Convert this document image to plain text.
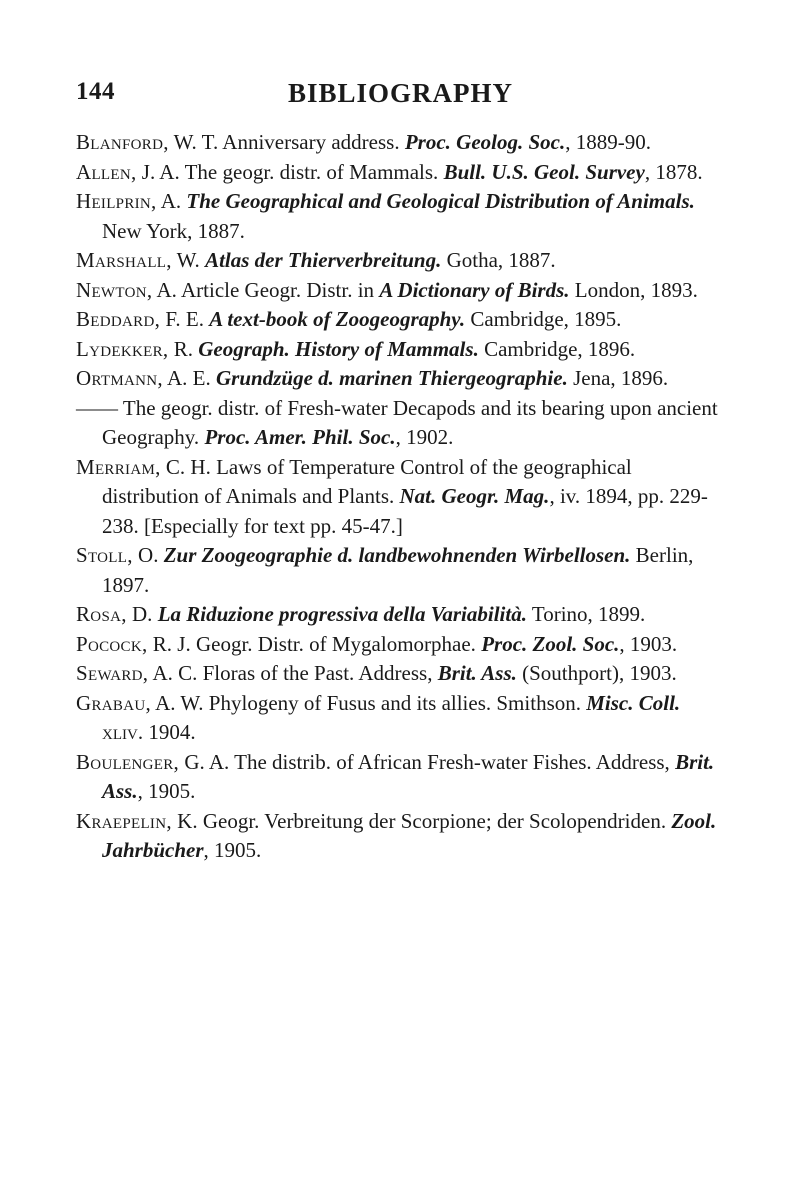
144	BIBLIOGRAPHY

Blanford, W. T. Anniversary address. Proc. Geolog. Soc., 1889-90.

Allen, J. A. The geogr. distr. of Mammals. Bull. U.S. Geol. Survey, 1878.

Heilprin, A. The Geographical and Geological Distribution of Animals. New York, 1887.

Marshall, W. Atlas der Thierverbreitung. Gotha, 1887.

Newton, A. Article Geogr. Distr. in A Dictionary of Birds. London, 1893.

Beddard, F. E. A text-book of Zoogeography. Cambridge, 1895.

Lydekker, R. Geograph. History of Mammals. Cambridge, 1896.

Ortmann, A. E. Grundzüge d. marinen Thiergeographie. Jena, 1896.

—— The geogr. distr. of Fresh-water Decapods and its bearing upon ancient Geography. Proc. Amer. Phil. Soc., 1902.

Merriam, C. H. Laws of Temperature Control of the geographical distribution of Animals and Plants. Nat. Geogr. Mag., iv. 1894, pp. 229-238. [Especially for text pp. 45-47.]

Stoll, O. Zur Zoogeographie d. landbewohnenden Wirbellosen. Berlin, 1897.

Rosa, D. La Riduzione progressiva della Variabilità. Torino, 1899.

Pocock, R. J. Geogr. Distr. of Mygalomorphae. Proc. Zool. Soc., 1903.

Seward, A. C. Floras of the Past. Address, Brit. Ass. (Southport), 1903.

Grabau, A. W. Phylogeny of Fusus and its allies. Smithson. Misc. Coll. xliv. 1904.

Boulenger, G. A. The distrib. of African Fresh-water Fishes. Address, Brit. Ass., 1905.

Kraepelin, K. Geogr. Verbreitung der Scorpione; der Scolopendriden. Zool. Jahrbücher, 1905.
